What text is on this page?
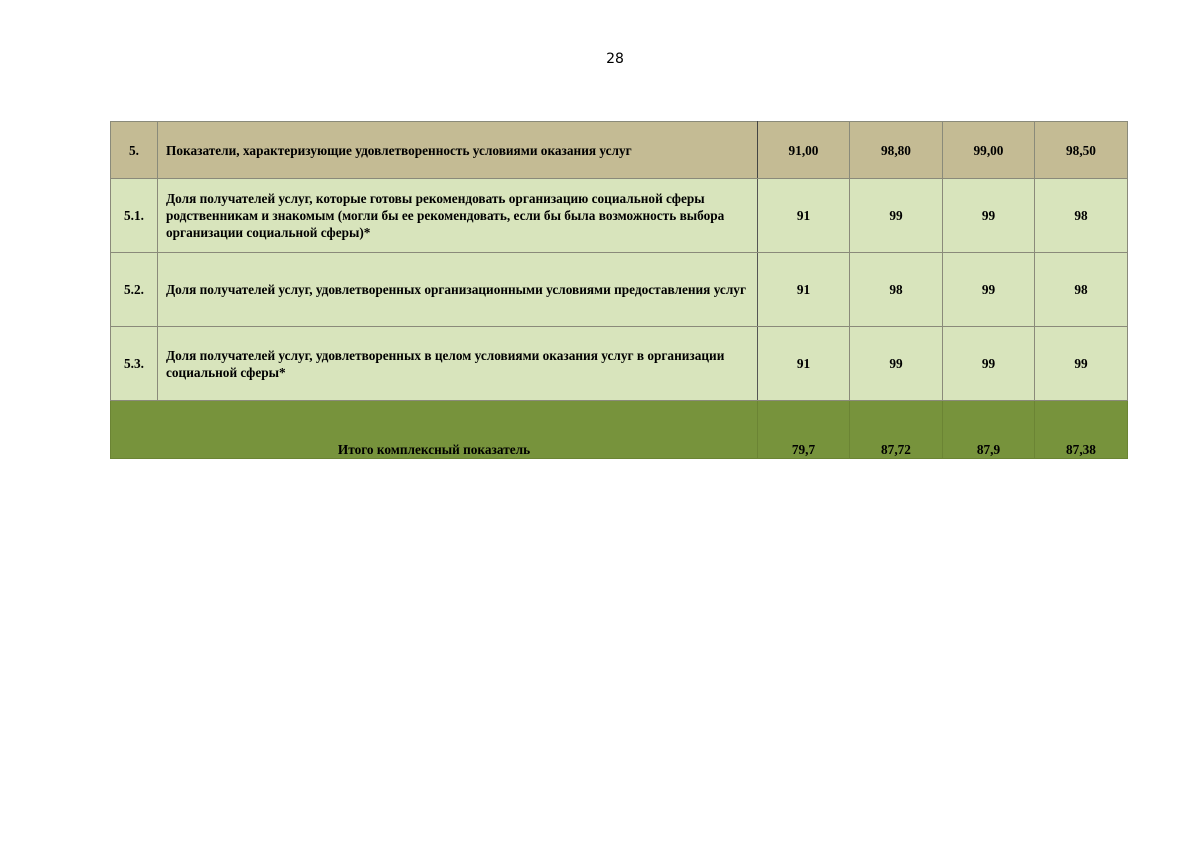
28
5.	Показатели, характеризующие удовлетворенность условиями оказания услуг	91,00	98,80	99,00	98,50
5.1.	Доля получателей услуг, которые готовы рекомендовать организацию социальной сферы родственникам и знакомым (могли бы ее рекомендовать, если бы была возможность выбора организации социальной сферы)*	91	99	99	98
5.2.	Доля получателей услуг, удовлетворенных организационными условиями предоставления услуг	91	98	99	98
5.3.	Доля получателей услуг, удовлетворенных в целом условиями оказания услуг в организации социальной сферы*	91	99	99	99
Итого комплексный показатель		79,7	87,72	87,9	87,38
